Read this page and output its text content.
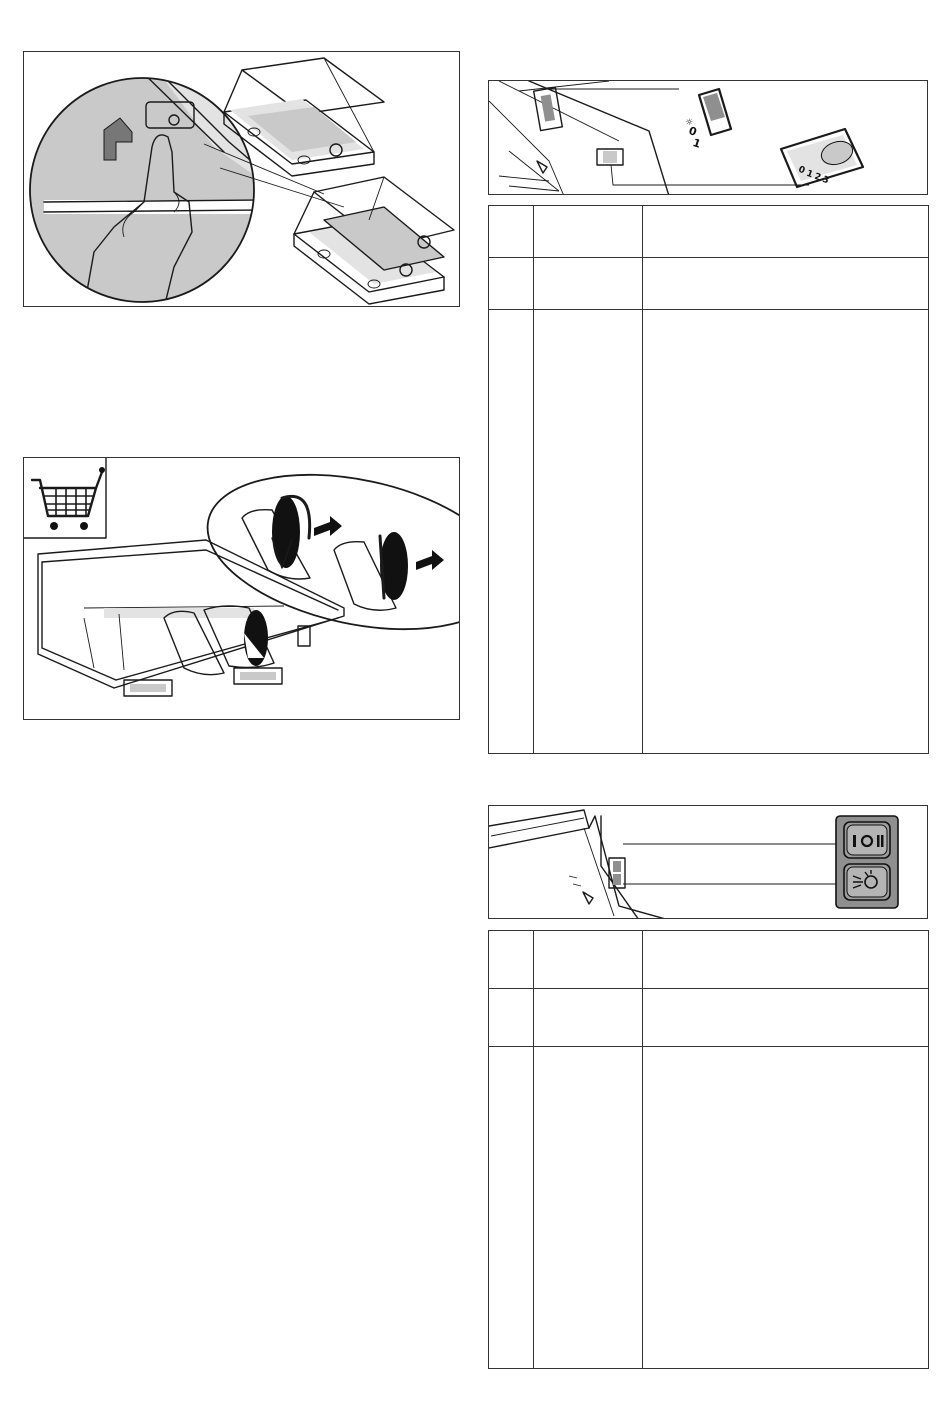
☼
0
1
0
1
2
3
